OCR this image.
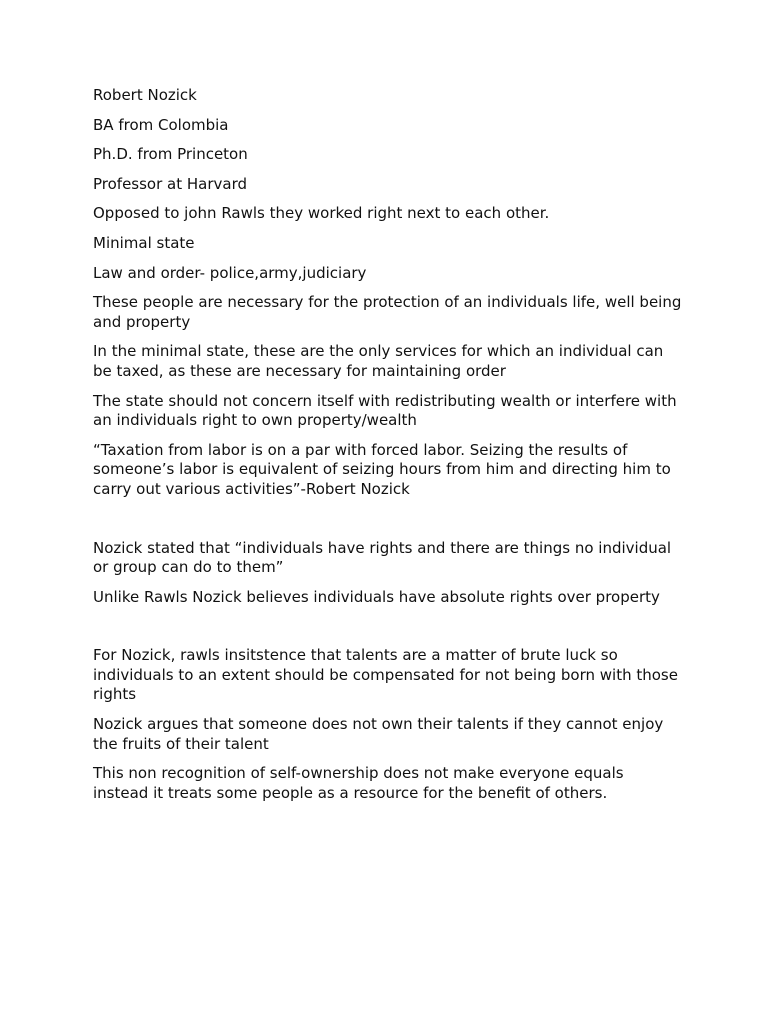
Robert Nozick

BA from Colombia

Ph.D. from Princeton

Professor at Harvard

Opposed to john Rawls they worked right next to each other.

Minimal state

Law and order- police,army,judiciary

These people are necessary for the protection of an individuals life, well being and property

In the minimal state, these are the only services for which an individual can be taxed, as these are necessary for maintaining order

The state should not concern itself with redistributing wealth or interfere with an individuals right to own property/wealth

“Taxation from labor is on a par with forced labor. Seizing the results of someone’s labor is equivalent of seizing hours from him and directing him to carry out various activities”-Robert Nozick

Nozick stated that “individuals have rights and there are things no individual or group can do to them”

Unlike Rawls Nozick believes individuals have absolute rights over property

For Nozick, rawls insitstence that talents are a matter of brute luck so individuals to an extent should be compensated for not being born with those rights

Nozick argues that someone does not own their talents if they cannot enjoy the fruits of their talent

This non recognition of self-ownership does not make everyone equals instead it treats some people as a resource for the benefit of others.
